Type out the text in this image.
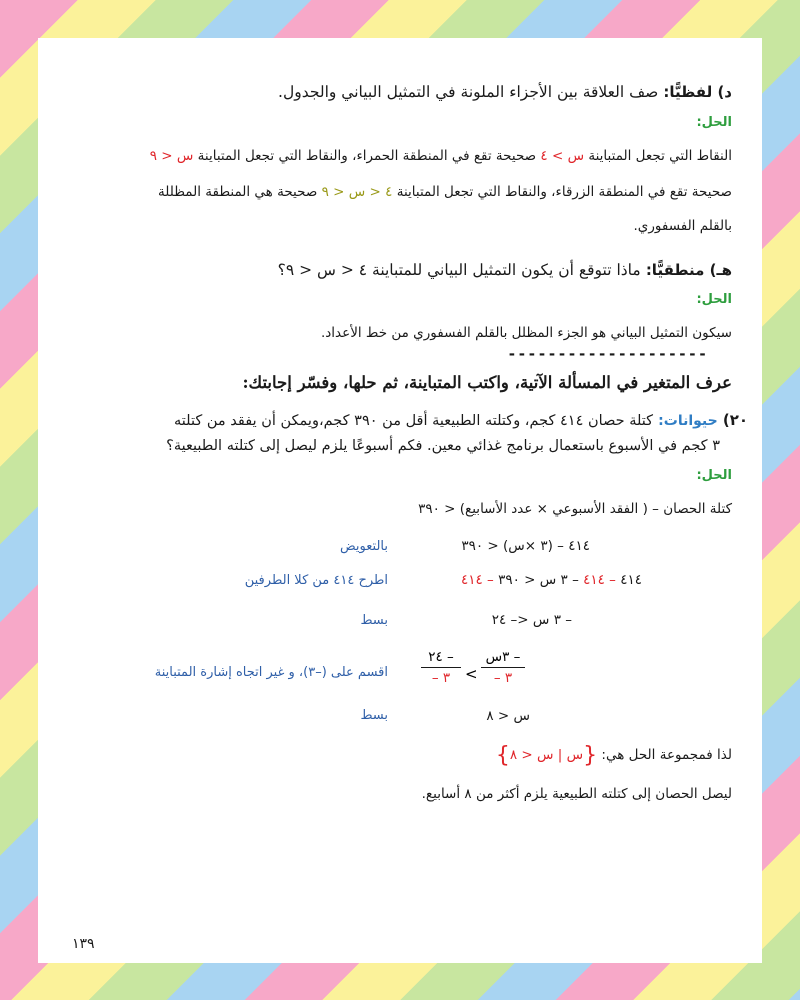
د) لفظيًّا: صف العلاقة بين الأجزاء الملونة في التمثيل البياني والجدول.
الحل:
النقاط التي تجعل المتباينة س > ٤ صحيحة تقع في المنطقة الحمراء، والنقاط التي تجعل المتباينة س < ٩
صحيحة تقع في المنطقة الزرقاء، والنقاط التي تجعل المتباينة ٤ < س < ٩ صحيحة هي المنطقة المظللة
بالقلم الفسفوري.
هـ) منطقيًّا: ماذا تتوقع أن يكون التمثيل البياني للمتباينة ٤ < س < ٩؟
الحل:
سيكون التمثيل البياني هو الجزء المظلل بالقلم الفسفوري من خط الأعداد.
--------------------
عرف المتغير في المسألة الآتية، واكتب المتباينة، ثم حلها، وفسّر إجابتك:
٢٠) حيوانات: كتلة حصان ٤١٤ كجم، وكتلته الطبيعية أقل من ٣٩٠ كجم،ويمكن أن يفقد من كتلته
٣ كجم في الأسبوع باستعمال برنامج غذائي معين. فكم أسبوعًا يلزم ليصل إلى كتلته الطبيعية؟
الحل:
كتلة الحصان – ( الفقد الأسبوعي × عدد الأسابيع) < ٣٩٠
٤١٤ – (٣ ×س) < ٣٩٠
بالتعويض
٤١٤ – ٤١٤ – ٣ س < ٣٩٠ – ٤١٤
اطرح ٤١٤ من كلا الطرفين
– ٣ س <– ٢٤
بسط
– ٣س
٣ –
<
– ٢٤
٣ –
اقسم على (–٣)، و غير اتجاه إشارة المتباينة
س < ٨
بسط
لذا فمجموعة الحل هي: {س | س < ٨}
ليصل الحصان إلى كتلته الطبيعية يلزم أكثر من ٨ أسابيع.
١٣٩
